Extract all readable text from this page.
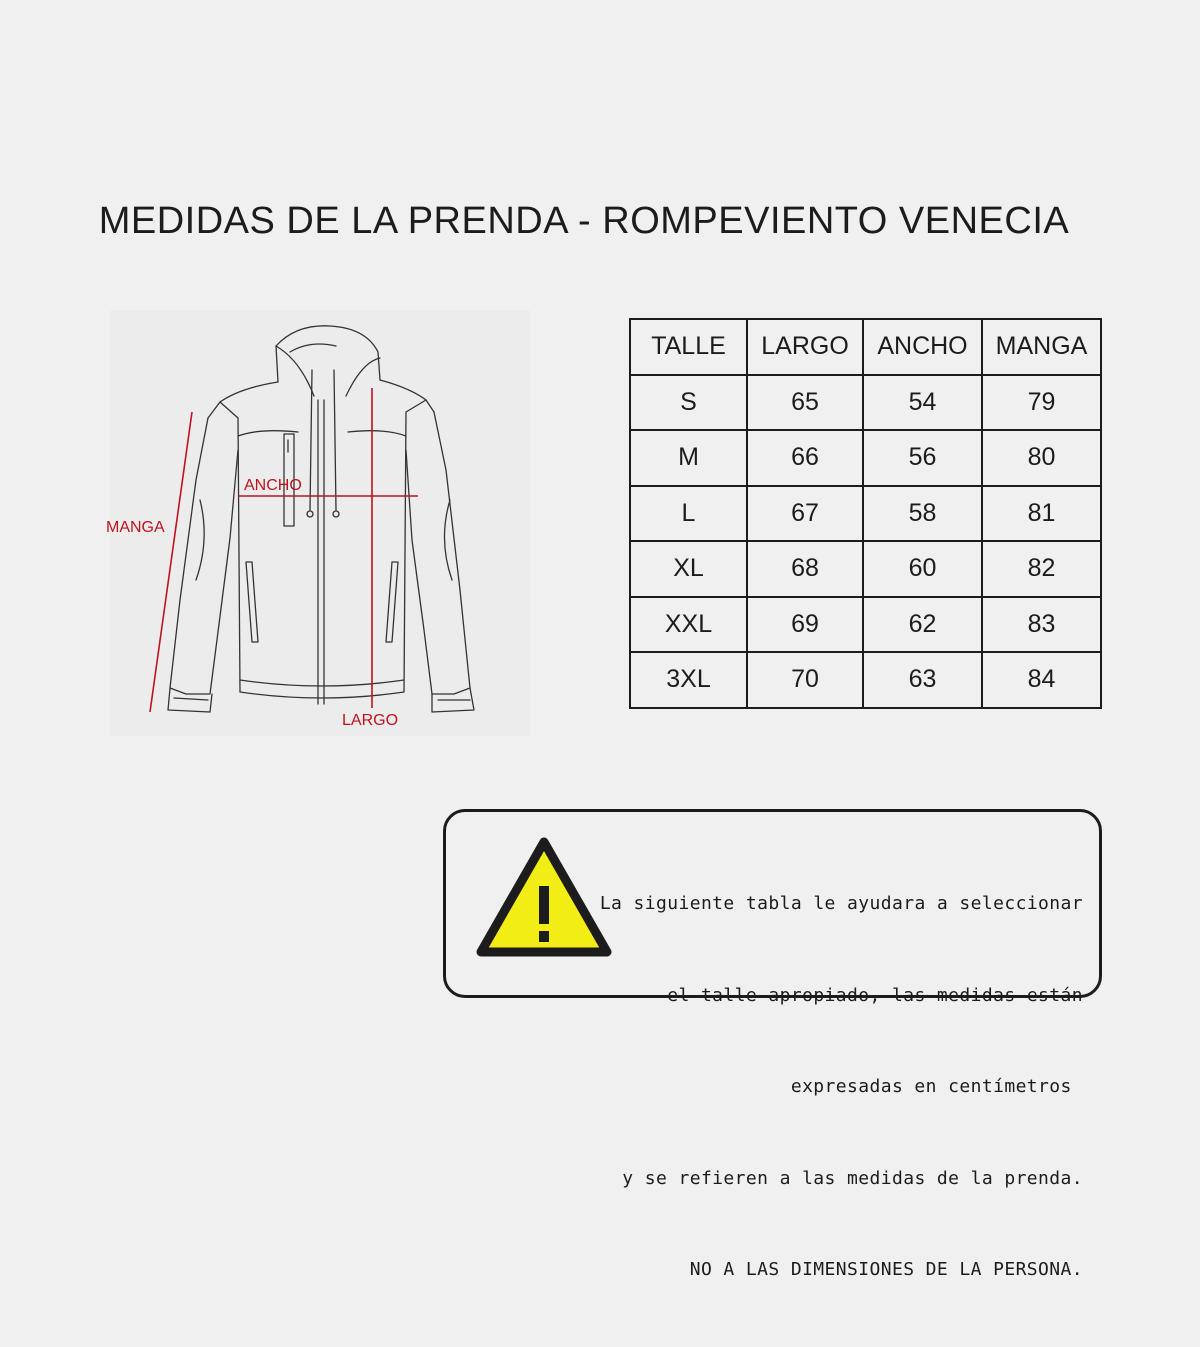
MEDIDAS DE LA PRENDA - ROMPEVIENTO VENECIA
ANCHO
MANGA
LARGO
TALLE	LARGO	ANCHO	MANGA
S	65	54	79
M	66	56	80
L	67	58	81
XL	68	60	82
XXL	69	62	83
3XL	70	63	84

La siguiente tabla le ayudara a seleccionar

el talle apropiado, las medidas están

expresadas en centímetros

y se refieren a las medidas de la prenda.

NO A LAS DIMENSIONES DE LA PERSONA.
